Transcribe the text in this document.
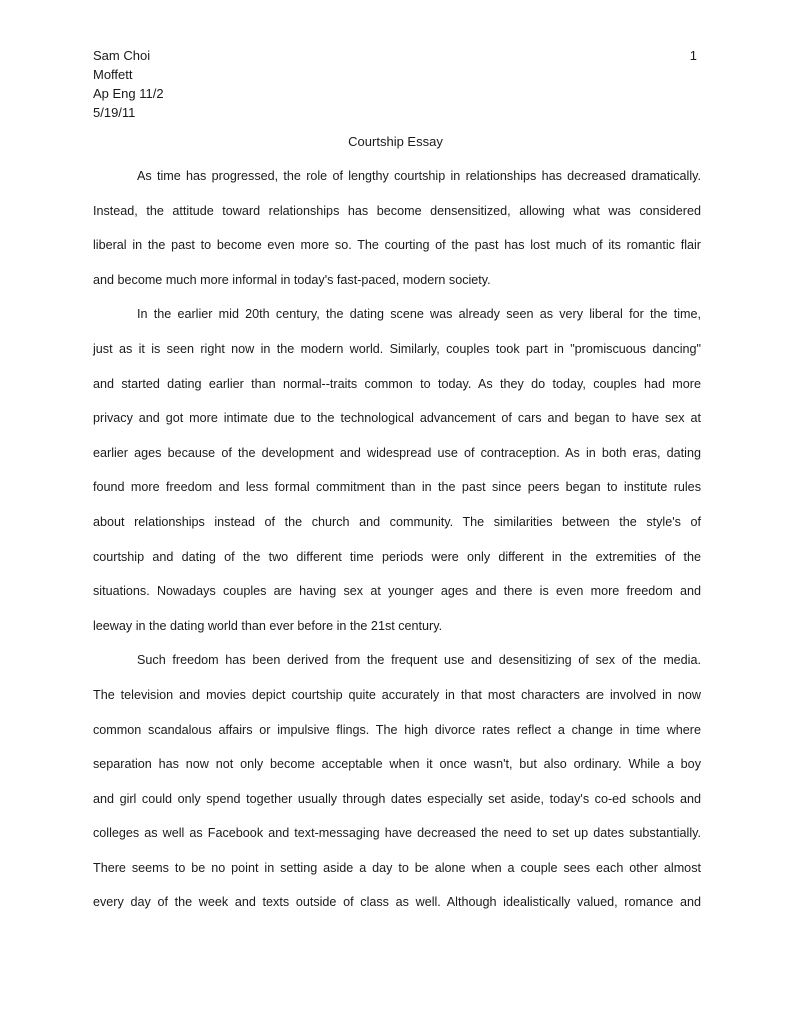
Sam Choi
Moffett
Ap Eng 11/2
5/19/11
1
Courtship Essay
As time has progressed, the role of lengthy courtship in relationships has decreased dramatically.
Instead, the attitude toward relationships has become densensitized, allowing what was considered
liberal in the past to become even more so. The courting of the past has lost much of its romantic flair
and become much more informal in today's fast-paced, modern society.
In the earlier mid 20th century, the dating scene was already seen as very liberal for the time,
just as it is seen right now in the modern world. Similarly, couples took part in "promiscuous dancing"
and started dating earlier than normal--traits common to today. As they do today, couples had more
privacy and got more intimate due to the technological advancement of cars and began to have sex at
earlier ages because of the development and widespread use of contraception. As in both eras, dating
found more freedom and less formal commitment than in the past since peers began to institute rules
about relationships instead of the church and community. The similarities between the style's of
courtship and dating of the two different time periods were only different in the extremities of the
situations. Nowadays couples are having sex at younger ages and there is even more freedom and
leeway in the dating world than ever before in the 21st century.
Such freedom has been derived from the frequent use and desensitizing of sex of the media.
The television and movies depict courtship quite accurately in that most characters are involved in now
common scandalous affairs or impulsive flings. The high divorce rates reflect a change in time where
separation has now not only become acceptable when it once wasn't, but also ordinary. While a boy
and girl could only spend together usually through dates especially set aside, today's co-ed schools and
colleges as well as Facebook and text-messaging have decreased the need to set up dates substantially.
There seems to be no point in setting aside a day to be alone when a couple sees each other almost
every day of the week and texts outside of class as well. Although idealistically valued, romance and
